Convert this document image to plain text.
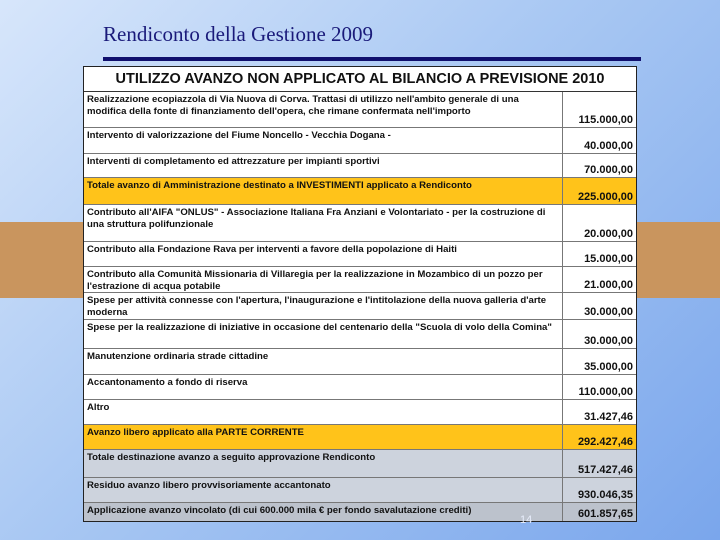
Rendiconto della Gestione 2009
UTILIZZO AVANZO NON APPLICATO AL BILANCIO A PREVISIONE 2010
Realizzazione ecopiazzola di Via Nuova di Corva. Trattasi di utilizzo nell'ambito generale di una modifica della fonte di finanziamento dell'opera, che rimane confermata nell'importo
115.000,00
Intervento di valorizzazione del Fiume Noncello - Vecchia Dogana -
40.000,00
Interventi di completamento ed attrezzature per impianti sportivi
70.000,00
Totale avanzo di Amministrazione destinato a INVESTIMENTI applicato a Rendiconto
225.000,00
Contributo all'AIFA "ONLUS" - Associazione Italiana Fra Anziani e Volontariato - per la costruzione di una struttura polifunzionale
20.000,00
Contributo alla Fondazione Rava per interventi a favore della popolazione di Haiti
15.000,00
Contributo alla Comunità Missionaria di Villaregia per la realizzazione in Mozambico di un pozzo per l'estrazione di acqua potabile	21.000,00
Spese per attività connesse con l'apertura, l'inaugurazione e l'intitolazione della nuova galleria d'arte moderna	30.000,00
Spese per la realizzazione di iniziative in occasione del centenario della "Scuola di volo della Comina"
30.000,00
Manutenzione ordinaria strade cittadine
35.000,00
Accantonamento a fondo di riserva
110.000,00
Altro
31.427,46
Avanzo libero applicato alla PARTE CORRENTE
292.427,46
Totale destinazione avanzo a seguito approvazione Rendiconto
517.427,46
Residuo avanzo libero provvisoriamente accantonato
930.046,35
Applicazione avanzo vincolato (di cui 600.000 mila € per fondo savalutazione crediti)	601.857,65
14
